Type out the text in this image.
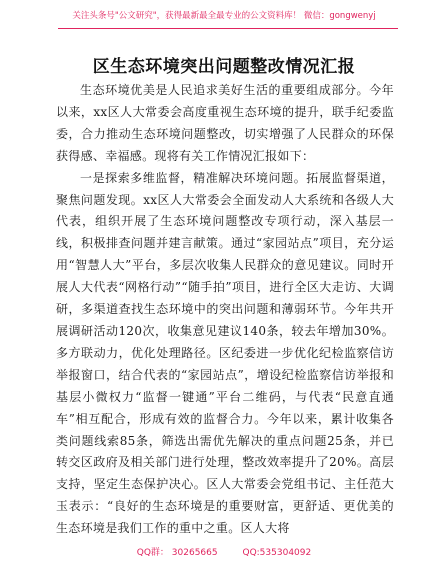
关注头条号"公文研究"，获得最新最全最专业的公文资料库！ 微信：gongwenyj
区生态环境突出问题整改情况汇报

生态环境优美是人民追求美好生活的重要组成部分。今年以来，xx区人大常委会高度重视生态环境的提升，联手纪委监委，合力推动生态环境问题整改，切实增强了人民群众的环保获得感、幸福感。现将有关工作情况汇报如下：

一是探索多维监督，精准解决环境问题。拓展监督渠道，聚焦问题发现。xx区人大常委会全面发动人大系统和各级人大代表，组织开展了生态环境问题整改专项行动，深入基层一线，积极排查问题并建言献策。通过“家园站点”项目，充分运用“智慧人大”平台，多层次收集人民群众的意见建议。同时开展人大代表“网格行动”“随手拍”项目，进行全区大走访、大调研，多渠道查找生态环境中的突出问题和薄弱环节。今年共开展调研活动120次，收集意见建议140条，较去年增加30%。多方联动力，优化处理路径。区纪委进一步优化纪检监察信访举报窗口，结合代表的“家园站点”，增设纪检监察信访举报和基层小微权力“监督一键通”平台二维码，与代表“民意直通车”相互配合，形成有效的监督合力。今年以来，累计收集各类问题线索85条，筛选出需优先解决的重点问题25条，并已转交区政府及相关部门进行处理，整改效率提升了20%。高层支持，坚定生态保护决心。区人大常委会党组书记、主任范大玉表示：“良好的生态环境是的重要财富，更舒适、更优美的生态环境是我们工作的重中之重。区人大将

QQ群： 30265665	QQ:535304092
